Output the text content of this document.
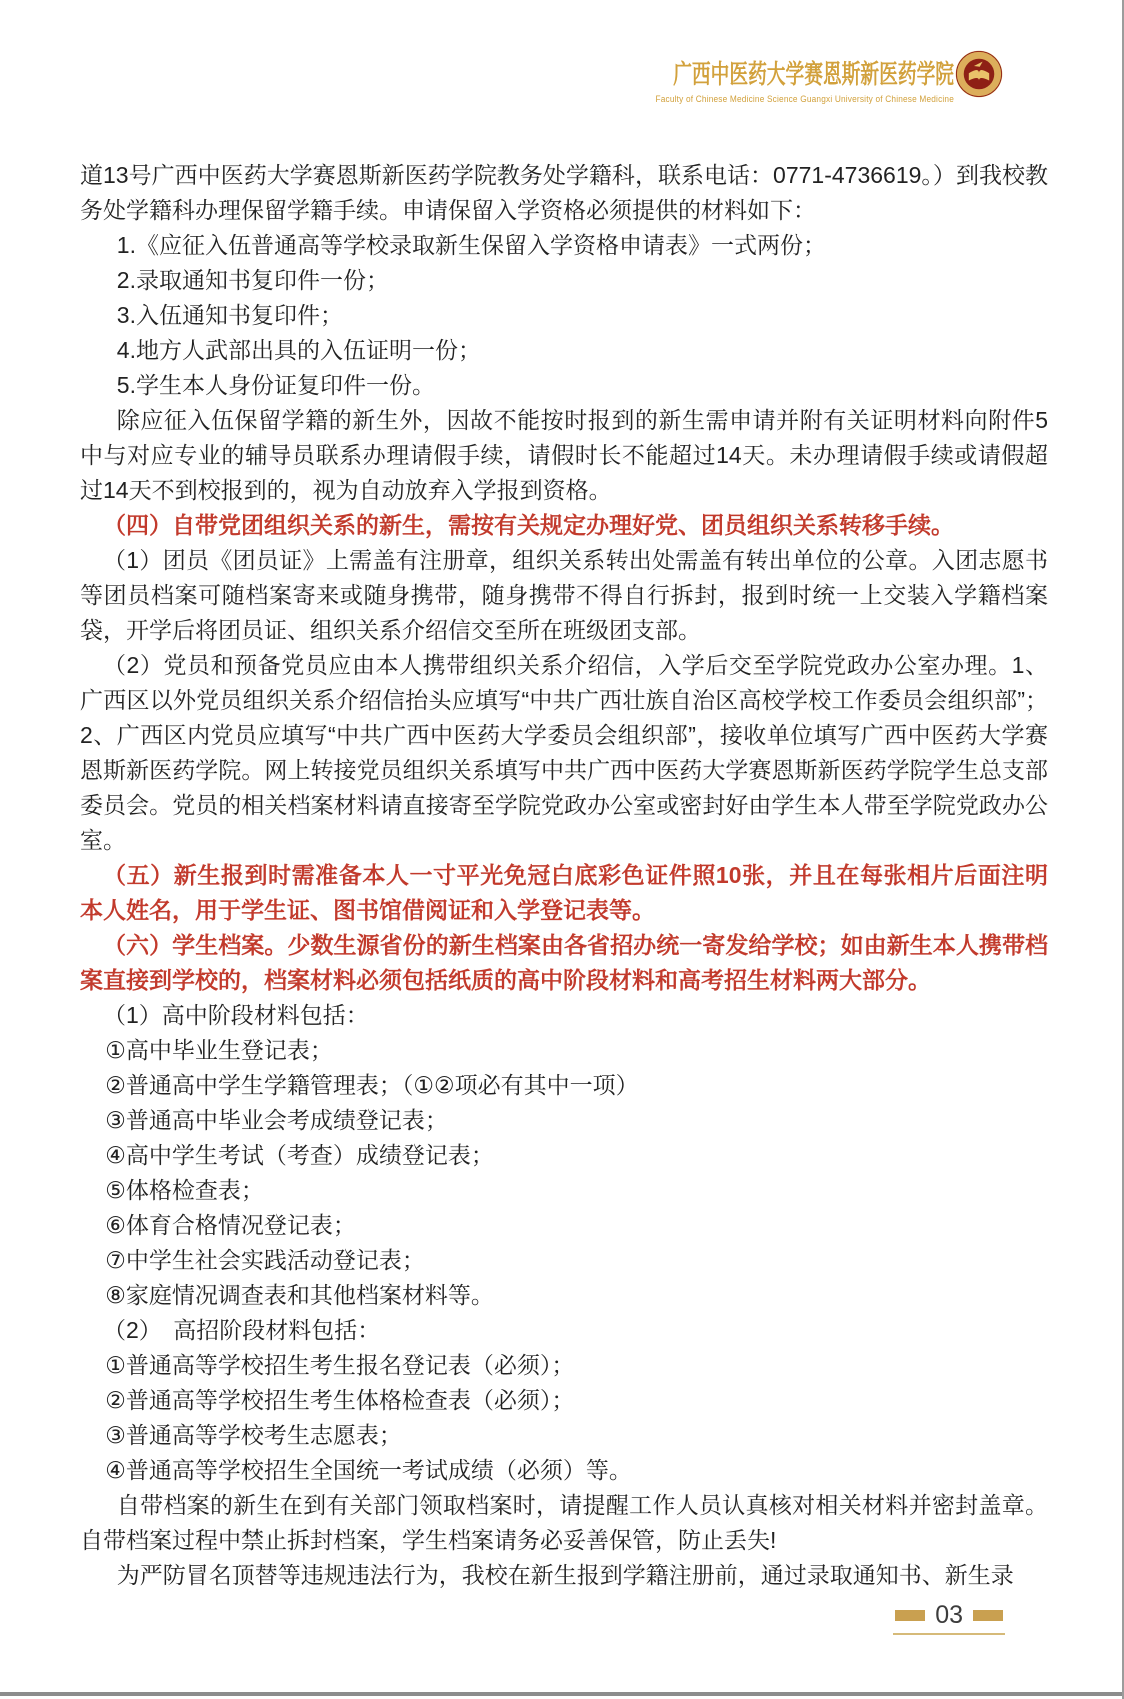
广西中医药大学赛恩斯新医药学院
Faculty of Chinese Medicine Science Guangxi University of Chinese Medicine
道13号广西中医药大学赛恩斯新医药学院教务处学籍科，联系电话：0771-4736619。）到我校教务处学籍科办理保留学籍手续。申请保留入学资格必须提供的材料如下：
1.《应征入伍普通高等学校录取新生保留入学资格申请表》一式两份；
2.录取通知书复印件一份；
3.入伍通知书复印件；
4.地方人武部出具的入伍证明一份；
5.学生本人身份证复印件一份。
除应征入伍保留学籍的新生外，因故不能按时报到的新生需申请并附有关证明材料向附件5中与对应专业的辅导员联系办理请假手续，请假时长不能超过14天。未办理请假手续或请假超过14天不到校报到的，视为自动放弃入学报到资格。
（四）自带党团组织关系的新生，需按有关规定办理好党、团员组织关系转移手续。
（1）团员《团员证》上需盖有注册章，组织关系转出处需盖有转出单位的公章。入团志愿书等团员档案可随档案寄来或随身携带，随身携带不得自行拆封，报到时统一上交装入学籍档案袋，开学后将团员证、组织关系介绍信交至所在班级团支部。
（2）党员和预备党员应由本人携带组织关系介绍信，入学后交至学院党政办公室办理。1、广西区以外党员组织关系介绍信抬头应填写“中共广西壮族自治区高校学校工作委员会组织部”；2、广西区内党员应填写“中共广西中医药大学委员会组织部”，接收单位填写广西中医药大学赛恩斯新医药学院。网上转接党员组织关系填写中共广西中医药大学赛恩斯新医药学院学生总支部委员会。党员的相关档案材料请直接寄至学院党政办公室或密封好由学生本人带至学院党政办公室。
（五）新生报到时需准备本人一寸平光免冠白底彩色证件照10张，并且在每张相片后面注明本人姓名，用于学生证、图书馆借阅证和入学登记表等。
（六）学生档案。少数生源省份的新生档案由各省招办统一寄发给学校；如由新生本人携带档案直接到学校的，档案材料必须包括纸质的高中阶段材料和高考招生材料两大部分。
（1）高中阶段材料包括：
①高中毕业生登记表；
②普通高中学生学籍管理表；（①②项必有其中一项）
③普通高中毕业会考成绩登记表；
④高中学生考试（考查）成绩登记表；
⑤体格检查表；
⑥体育合格情况登记表；
⑦中学生社会实践活动登记表；
⑧家庭情况调查表和其他档案材料等。
（2）　高招阶段材料包括：
①普通高等学校招生考生报名登记表（必须）；
②普通高等学校招生考生体格检查表（必须）；
③普通高等学校考生志愿表；
④普通高等学校招生全国统一考试成绩（必须）等。
自带档案的新生在到有关部门领取档案时，请提醒工作人员认真核对相关材料并密封盖章。自带档案过程中禁止拆封档案，学生档案请务必妥善保管，防止丢失!
为严防冒名顶替等违规违法行为，我校在新生报到学籍注册前，通过录取通知书、新生录
03
